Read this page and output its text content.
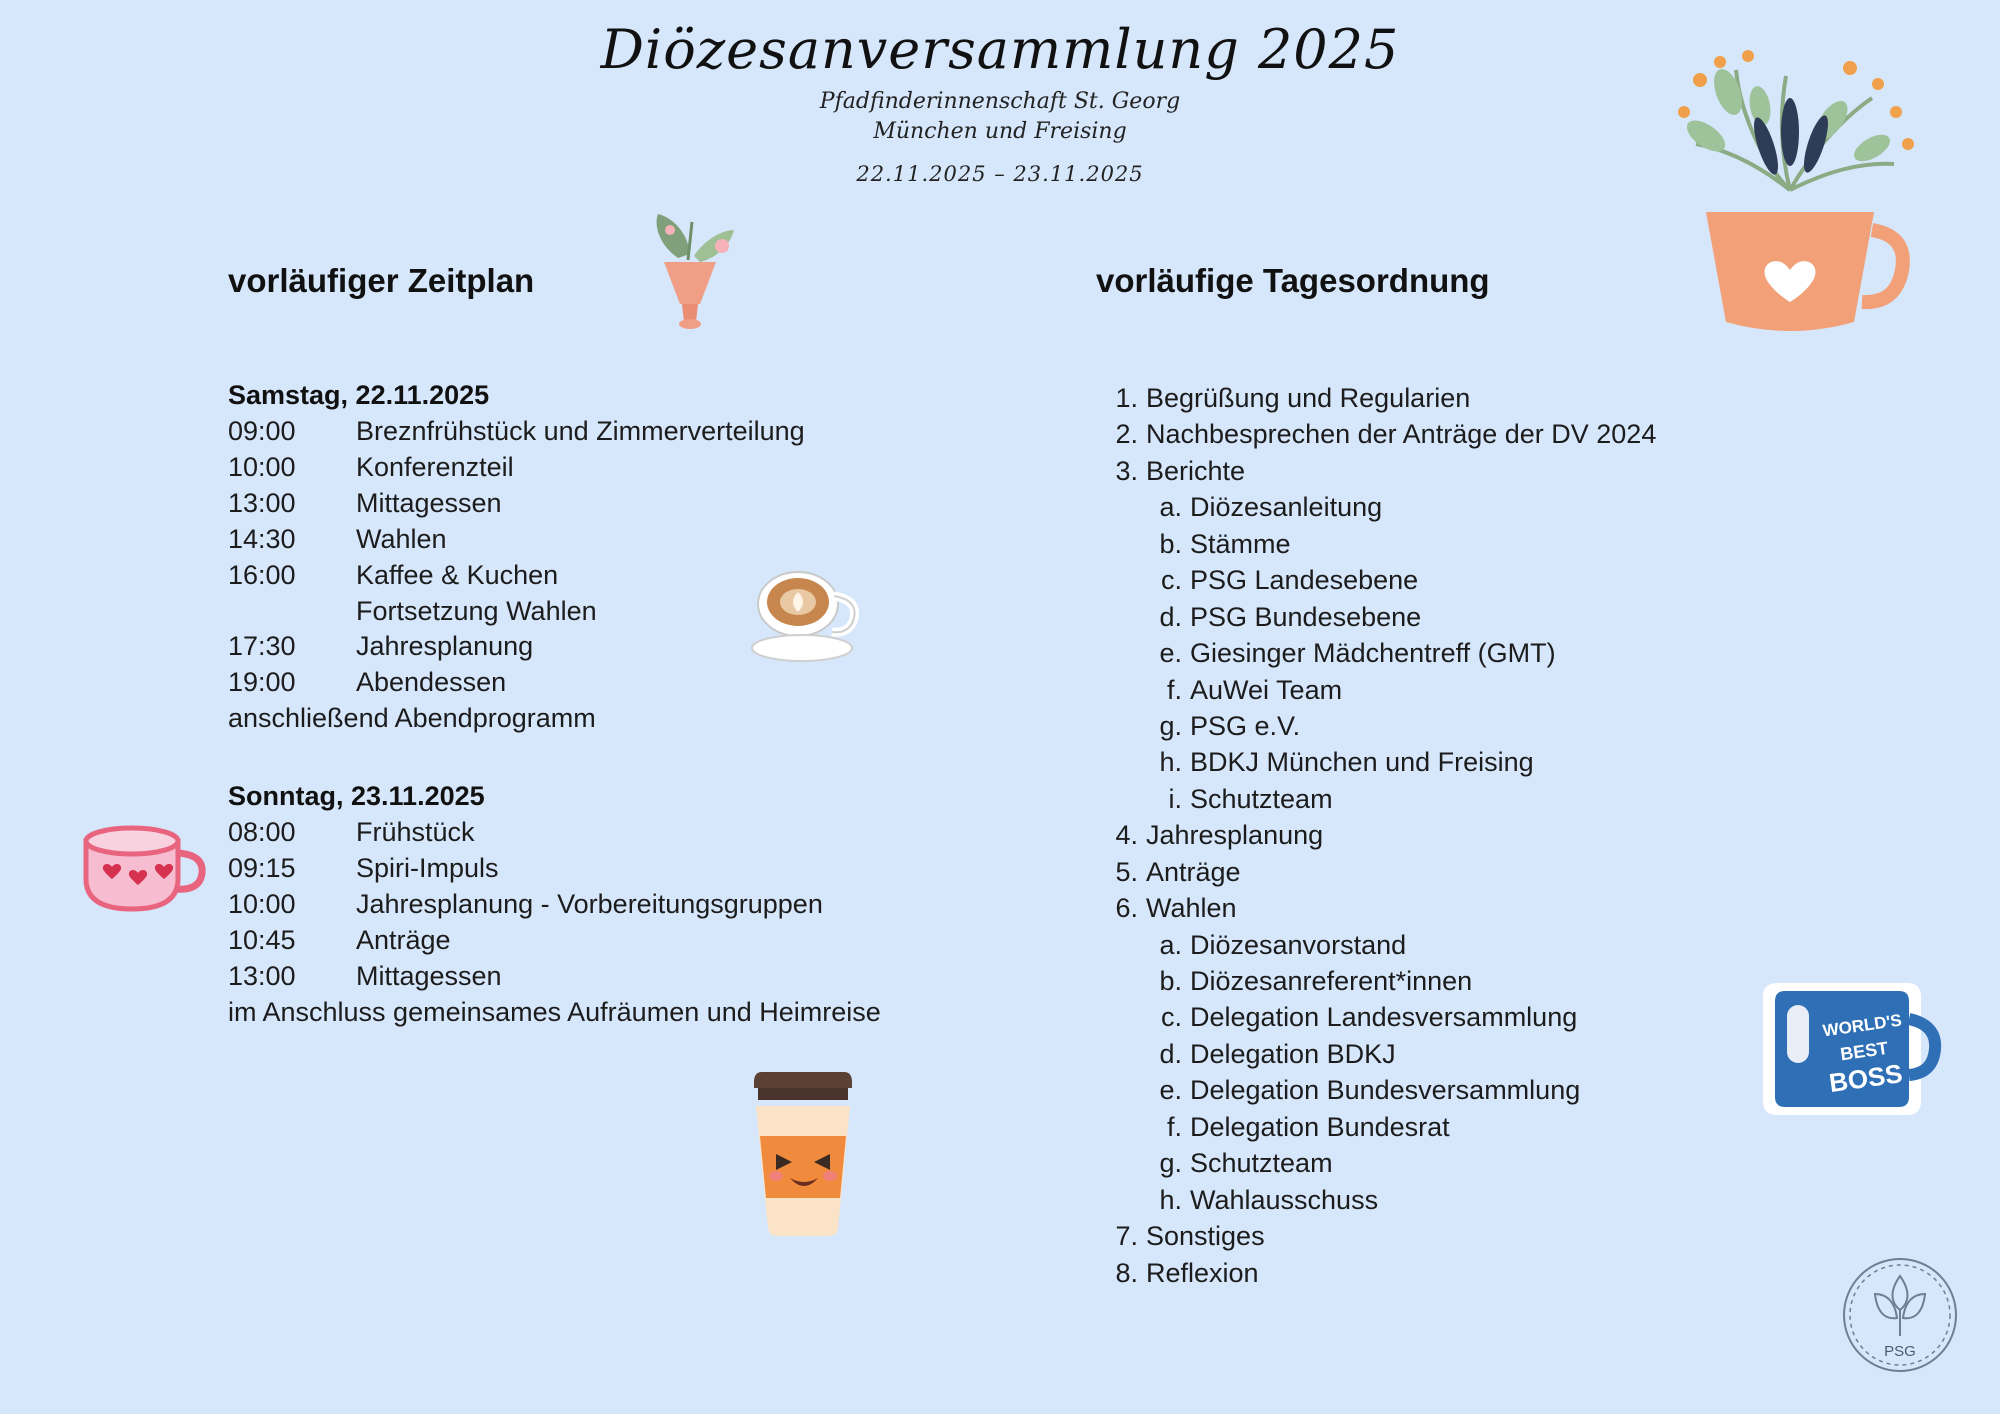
Diözesanversammlung 2025
Pfadfinderinnenschaft St. Georg
München und Freising
22.11.2025 – 23.11.2025
vorläufiger Zeitplan
Samstag, 22.11.2025
09:00	Breznfrühstück und Zimmerverteilung
10:00	Konferenzteil
13:00	Mittagessen
14:30	Wahlen
16:00	Kaffee & Kuchen
Fortsetzung Wahlen
17:30	Jahresplanung
19:00	Abendessen
anschließend Abendprogramm
Sonntag, 23.11.2025
08:00	Frühstück
09:15	Spiri-Impuls
10:00	Jahresplanung - Vorbereitungsgruppen
10:45	Anträge
13:00	Mittagessen
im Anschluss gemeinsames Aufräumen und Heimreise
vorläufige Tagesordnung
1. Begrüßung und Regularien
2. Nachbesprechen der Anträge der DV 2024
3. Berichte
a. Diözesanleitung
b. Stämme
c. PSG Landesebene
d. PSG Bundesebene
e. Giesinger Mädchentreff (GMT)
f. AuWei Team
g. PSG e.V.
h. BDKJ München und Freising
i. Schutzteam
4. Jahresplanung
5. Anträge
6. Wahlen
a. Diözesanvorstand
b. Diözesanreferent*innen
c. Delegation Landesversammlung
d. Delegation BDKJ
e. Delegation Bundesversammlung
f. Delegation Bundesrat
g. Schutzteam
h. Wahlausschuss
7. Sonstiges
8. Reflexion
WORLD'S
BEST
BOSS
PSG
